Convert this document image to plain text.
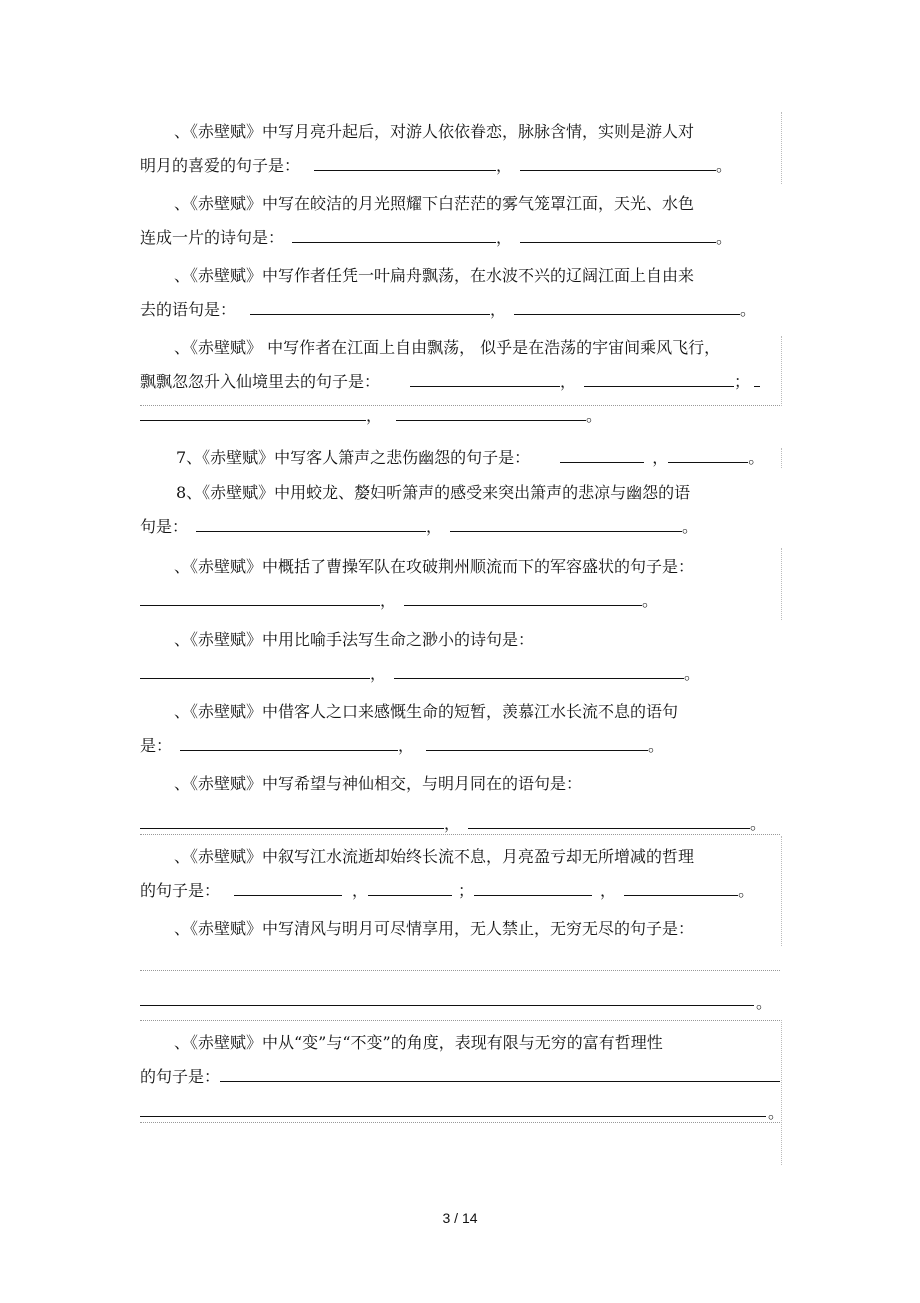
、《赤壁赋》中写月亮升起后，对游人依依眷恋，脉脉含情，实则是游人对
明月的喜爱的句子是：	，	。
、《赤壁赋》中写在皎洁的月光照耀下白茫茫的雾气笼罩江面，天光、水色
连成一片的诗句是：	，	。
、《赤壁赋》中写作者任凭一叶扁舟飘荡，在水波不兴的辽阔江面上自由来
去的语句是：	，	。
、《赤壁赋》 中写作者在江面上自由飘荡， 似乎是在浩荡的宇宙间乘风飞行，
飘飘忽忽升入仙境里去的句子是：	，	；
，	。
7、《赤壁赋》中写客人箫声之悲伤幽怨的句子是：	，	。
8、《赤壁赋》中用蛟龙、嫠妇听箫声的感受来突出箫声的悲凉与幽怨的语
句是：	，	。
、《赤壁赋》中概括了曹操军队在攻破荆州顺流而下的军容盛状的句子是：
，	。
、《赤壁赋》中用比喻手法写生命之渺小的诗句是：
，	。
、《赤壁赋》中借客人之口来感慨生命的短暂，羡慕江水长流不息的语句
是：	，	。
、《赤壁赋》中写希望与神仙相交，与明月同在的语句是：
，	。
、《赤壁赋》中叙写江水流逝却始终长流不息，月亮盈亏却无所增减的哲理
的句子是：	，	；	，	。
、《赤壁赋》中写清风与明月可尽情享用，无人禁止，无穷无尽的句子是：
。
、《赤壁赋》中从“变”与“不变”的角度，表现有限与无穷的富有哲理性
的句子是：
。
3 / 14
